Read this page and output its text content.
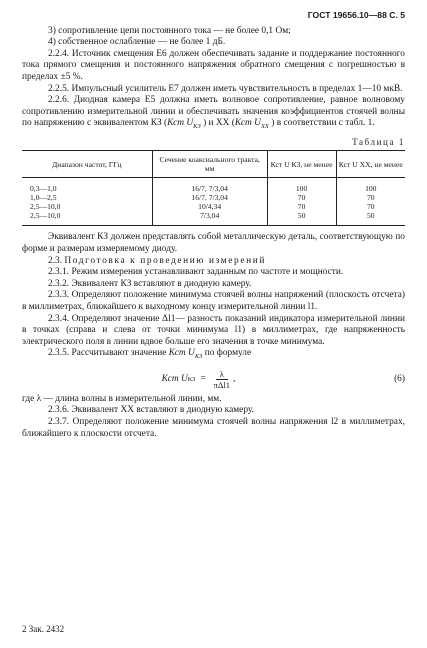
ГОСТ 19656.10—88 С. 5

3) сопротивление цепи постоянного тока — не более 0,1 Ом;

4) собственное ослабление — не более 1 дБ.

2.2.4. Источник смещения Е6 должен обеспечивать задание и поддержание постоянного тока прямого смещения и постоянного напряжения обратного смещения с погрешностью в пределах ±5 %.

2.2.5. Импульсный усилитель Е7 должен иметь чувствительность в пределах 1—10 мкВ.

2.2.6. Диодная камера Е5 должна иметь волновое сопротивление, равное волновому сопротивлению измерительной линии и обеспечивать значения коэффициентов стоячей волны по напряжению с эквивалентом КЗ (Кст $U_{КЗ}$ ) и XX (Кст $U_{XX}$ ) в соответствии с табл. 1.

Таблица 1
Диапазон частот, ГГц	Сечение коаксиального тракта, мм	Кст U КЗ, не менее	Кст U XX, не менее
0,3—1,0	16/7, 7/3,04	100	100
1,0—2,5	16/7, 7/3,04	70	70
2,5—10,0	10/4,34	70	70
2,5—10,0	7/3,04	50	50

Эквивалент КЗ должен представлять собой металлическую деталь, соответствующую по форме и размерам измеряемому диоду.

2.3. Подготовка к проведению измерений

2.3.1. Режим измерения устанавливают заданным по частоте и мощности.

2.3.2. Эквивалент КЗ вставляют в диодную камеру.

2.3.3. Определяют положение минимума стоячей волны напряжений (плоскость отсчета) в миллиметрах, ближайшего к выходному концу измерительной линии l1.

2.3.4. Определяют значение Δl1— разность показаний индикатора измерительной линии в точках (справа и слева от точки минимума l1) в миллиметрах, где напряженность электрического поля в линии вдвое больше его значения в точке минимума.

2.3.5. Рассчитывают значение Кст $U_{КЗ}$ по формуле

Кст U КЗ = $\frac{\lambda}{\text{πΔl1}}$ ,	(6)

где λ — длина волны в измерительной линии, мм.

2.3.6. Эквивалент XX вставляют в диодную камеру.

2.3.7. Определяют положение минимума стоячей волны напряжения l2 в миллиметрах, ближайшего к плоскости отсчета.

2 Зак. 2432
